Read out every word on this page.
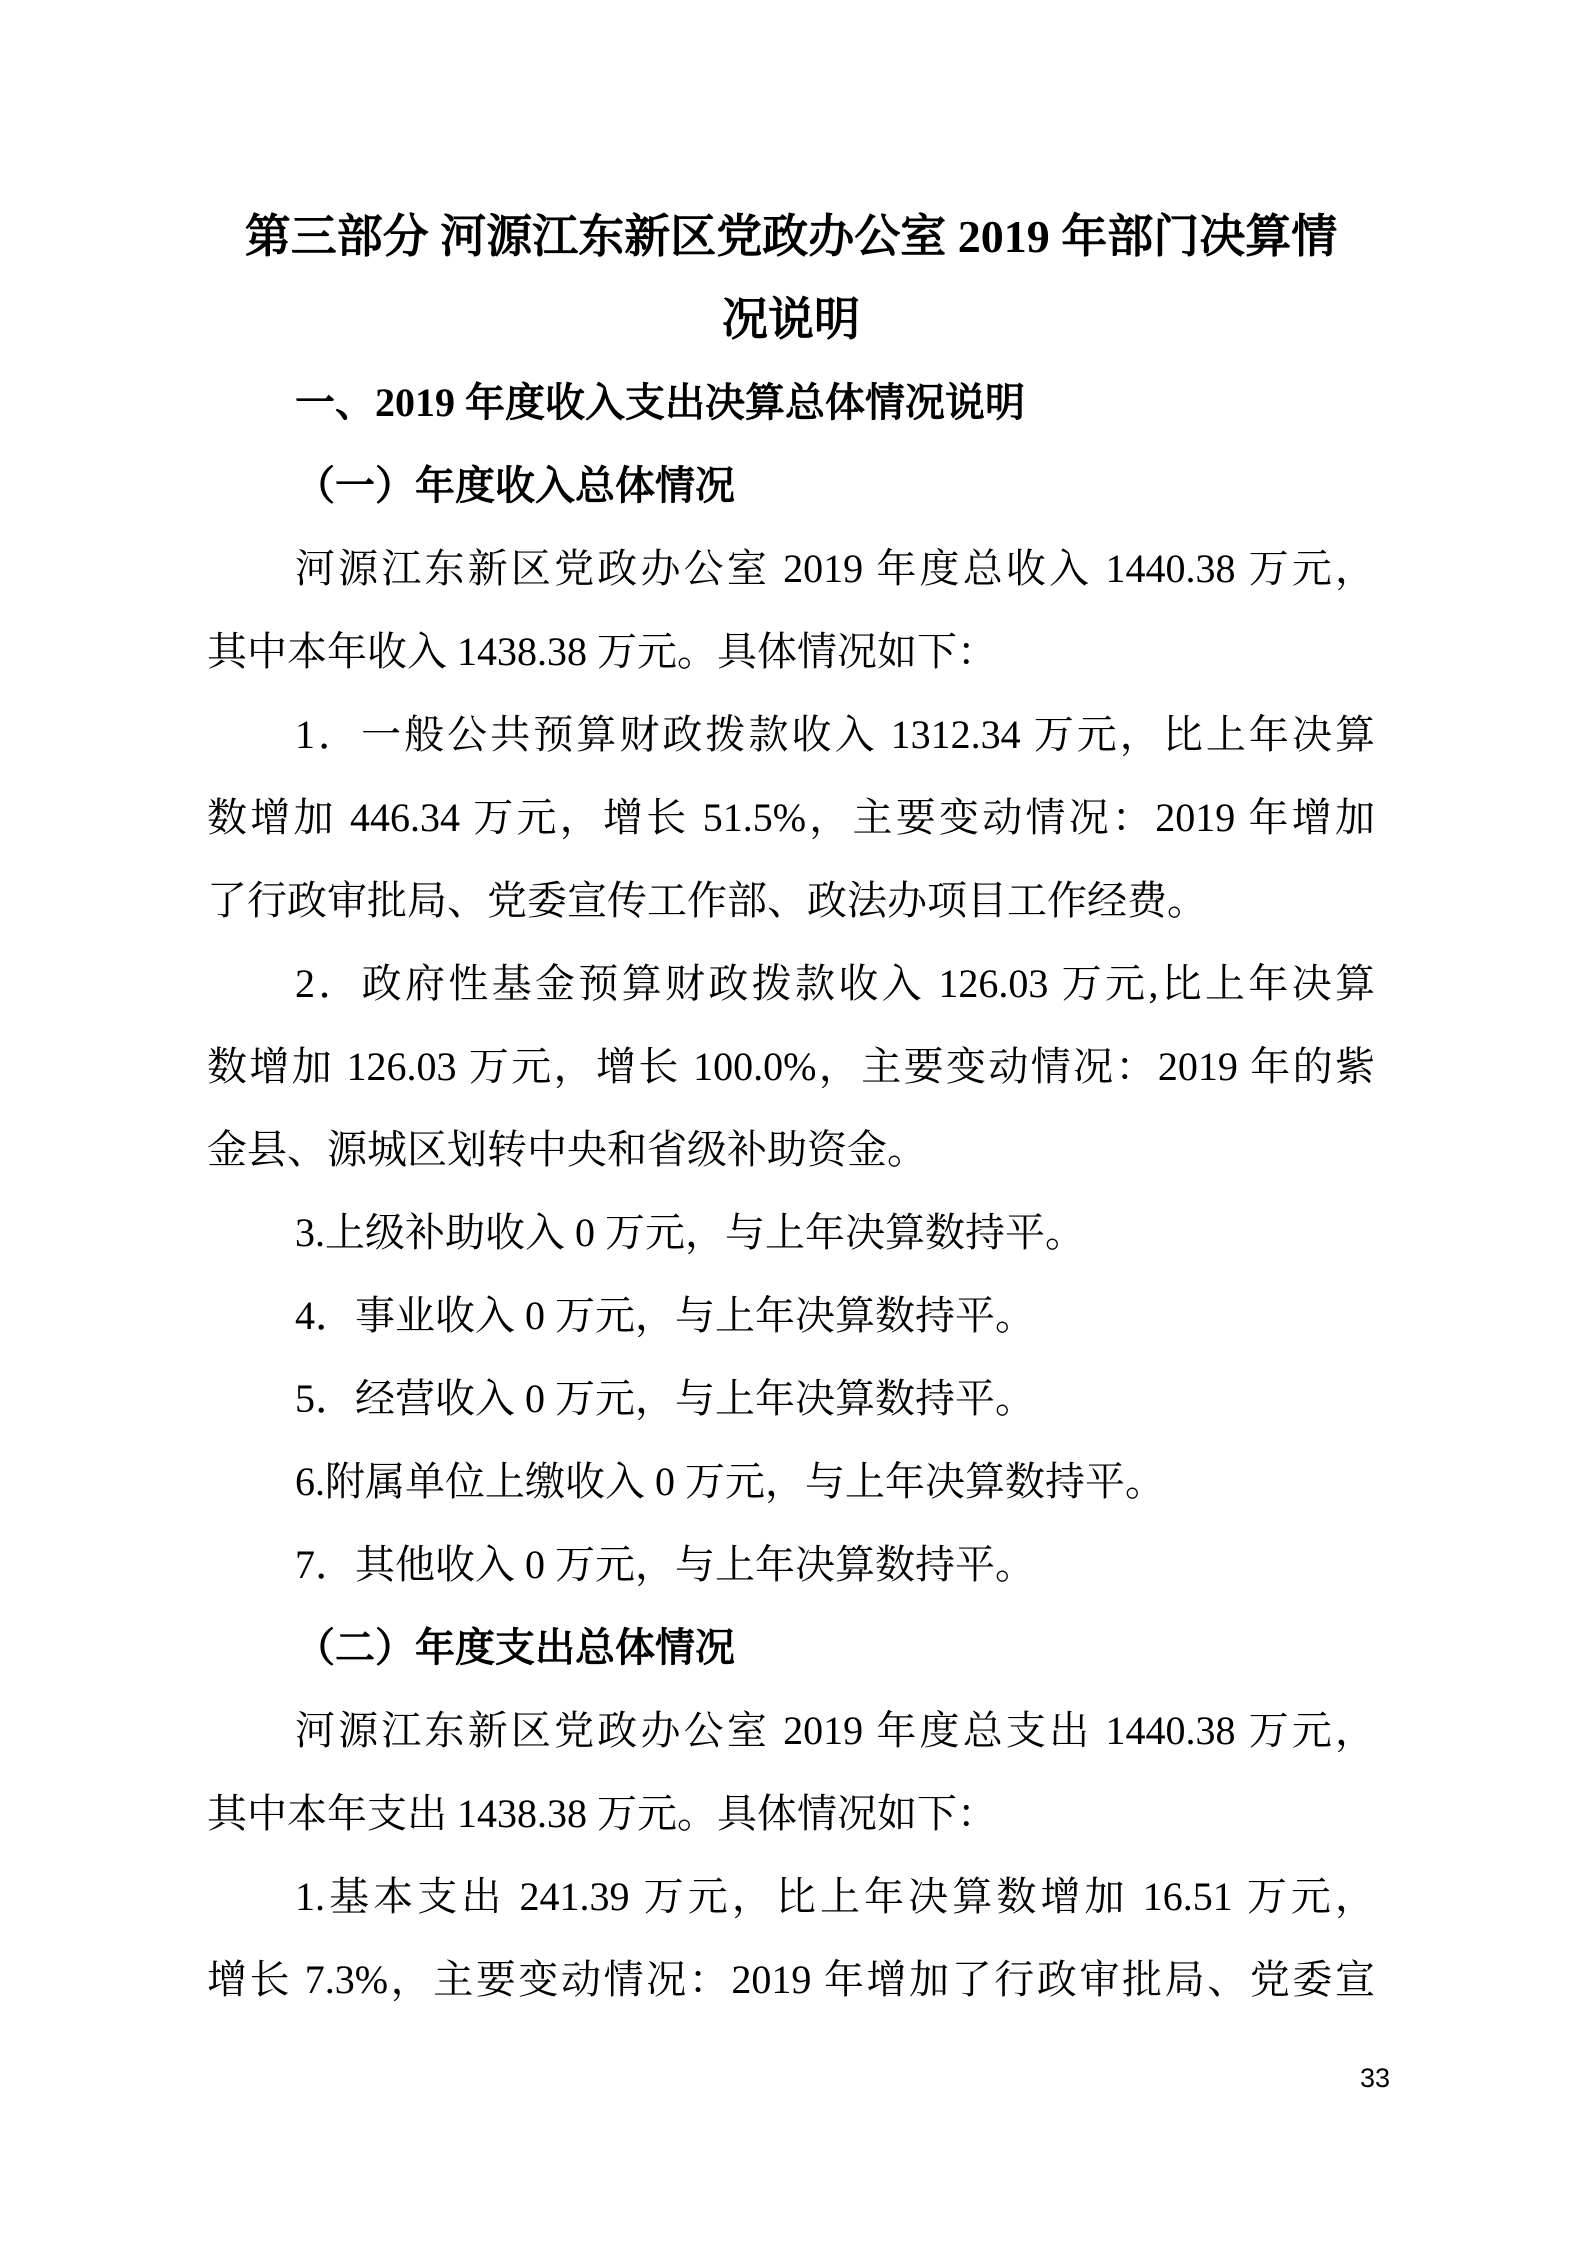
第三部分 河源江东新区党政办公室 2019 年部门决算情
况说明
一、2019 年度收入支出决算总体情况说明
（一）年度收入总体情况
河源江东新区党政办公室 2019 年度总收入 1440.38 万元，
其中本年收入 1438.38 万元。具体情况如下：
1．一般公共预算财政拨款收入 1312.34 万元，比上年决算
数增加 446.34 万元，增长 51.5%，主要变动情况：2019 年增加
了行政审批局、党委宣传工作部、政法办项目工作经费。
2．政府性基金预算财政拨款收入 126.03 万元,比上年决算
数增加 126.03 万元，增长 100.0%，主要变动情况：2019 年的紫
金县、源城区划转中央和省级补助资金。
3.上级补助收入 0 万元，与上年决算数持平。
4．事业收入 0 万元，与上年决算数持平。
5．经营收入 0 万元，与上年决算数持平。
6.附属单位上缴收入 0 万元，与上年决算数持平。
7．其他收入 0 万元，与上年决算数持平。
（二）年度支出总体情况
河源江东新区党政办公室 2019 年度总支出 1440.38 万元，
其中本年支出 1438.38 万元。具体情况如下：
1.基本支出 241.39 万元，比上年决算数增加 16.51 万元，
增长 7.3%，主要变动情况：2019 年增加了行政审批局、党委宣
33
